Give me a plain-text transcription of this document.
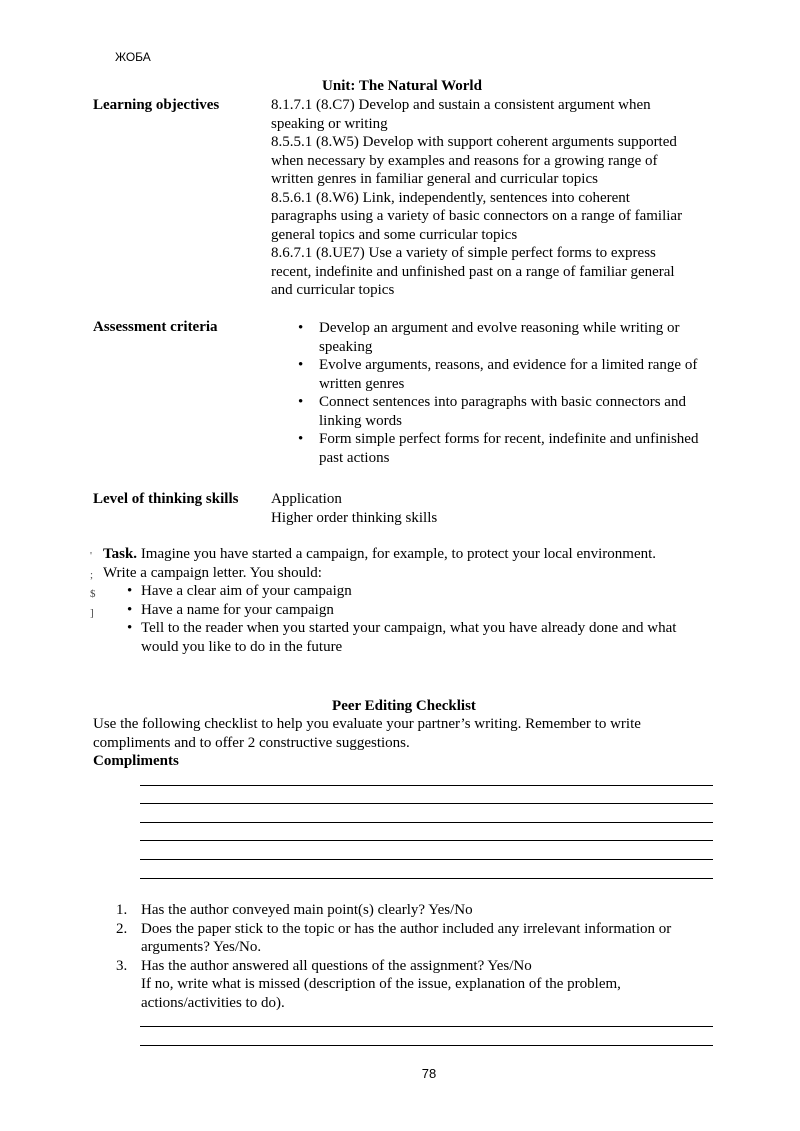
ЖОБА
Unit: The Natural World
Learning objectives	8.1.7.1 (8.C7) Develop and sustain a consistent argument when
speaking or writing
8.5.5.1 (8.W5) Develop with support coherent arguments supported
when necessary by examples and reasons for a growing range of
written genres in familiar general and curricular topics
8.5.6.1 (8.W6) Link, independently, sentences into coherent
paragraphs using a variety of basic connectors on a range of familiar
general topics and some curricular topics
8.6.7.1 (8.UE7) Use a variety of simple perfect forms to express
recent, indefinite and unfinished past on a range of familiar general
and curricular topics
Assessment criteria	• Develop an argument and evolve reasoning while writing or speaking
• Evolve arguments, reasons, and evidence for a limited range of written genres
• Connect sentences into paragraphs with basic connectors and linking words
• Form simple perfect forms for recent, indefinite and unfinished past actions
Level of thinking skills Application
Higher order thinking skills
'
;
$
]
Task. Imagine you have started a campaign, for example, to protect your local environment.
Write a campaign letter. You should:
• Have a clear aim of your campaign
• Have a name for your campaign
• Tell to the reader when you started your campaign, what you have already done and what would you like to do in the future
Peer Editing Checklist
Use the following checklist to help you evaluate your partner’s writing. Remember to write compliments and to offer 2 constructive suggestions.
Compliments
1. Has the author conveyed main point(s) clearly? Yes/No
2. Does the paper stick to the topic or has the author included any irrelevant information or arguments? Yes/No.
3. Has the author answered all questions of the assignment? Yes/No
If no, write what is missed (description of the issue, explanation of the problem, actions/activities to do).
78
